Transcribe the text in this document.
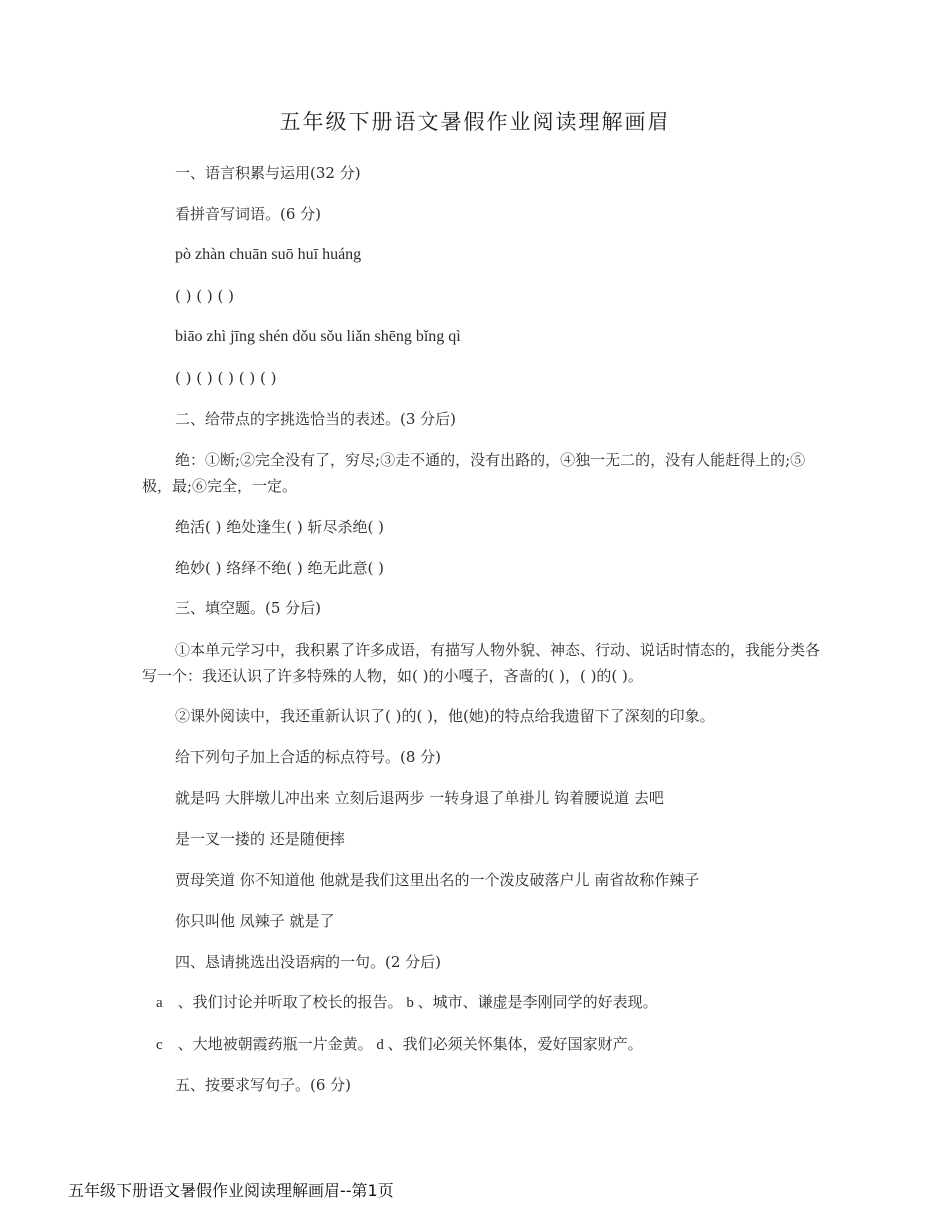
五年级下册语文暑假作业阅读理解画眉
一、语言积累与运用(32 分)
看拼音写词语。(6 分)
pò zhàn chuān suō huī huáng
( ) ( ) ( )
biāo zhì jīng shén dǒu sǒu liǎn shēng bǐng qì
( ) ( ) ( ) ( ) ( )
二、给带点的字挑选恰当的表述。(3 分后)
绝：①断;②完全没有了，穷尽;③走不通的，没有出路的，④独一无二的，没有人能赶得上的;⑤极，最;⑥完全，一定。
绝活( ) 绝处逢生( ) 斩尽杀绝( )
绝妙( ) 络绎不绝( ) 绝无此意( )
三、填空题。(5 分后)
①本单元学习中，我积累了许多成语，有描写人物外貌、神态、行动、说话时情态的，我能分类各写一个：我还认识了许多特殊的人物，如( )的小嘎子，吝啬的( )，( )的( )。
②课外阅读中，我还重新认识了( )的( )，他(她)的特点给我遗留下了深刻的印象。
给下列句子加上合适的标点符号。(8 分)
就是吗 大胖墩儿冲出来 立刻后退两步 一转身退了单褂儿 钩着腰说道 去吧
是一叉一搂的 还是随便摔
贾母笑道 你不知道他 他就是我们这里出名的一个泼皮破落户儿 南省故称作辣子
你只叫他 凤辣子 就是了
四、恳请挑选出没语病的一句。(2 分后)
a　、我们讨论并听取了校长的报告。 b 、城市、谦虚是李刚同学的好表现。
c　、大地被朝霞药瓶一片金黄。 d 、我们必须关怀集体，爱好国家财产。
五、按要求写句子。(6 分)
五年级下册语文暑假作业阅读理解画眉--第1页
